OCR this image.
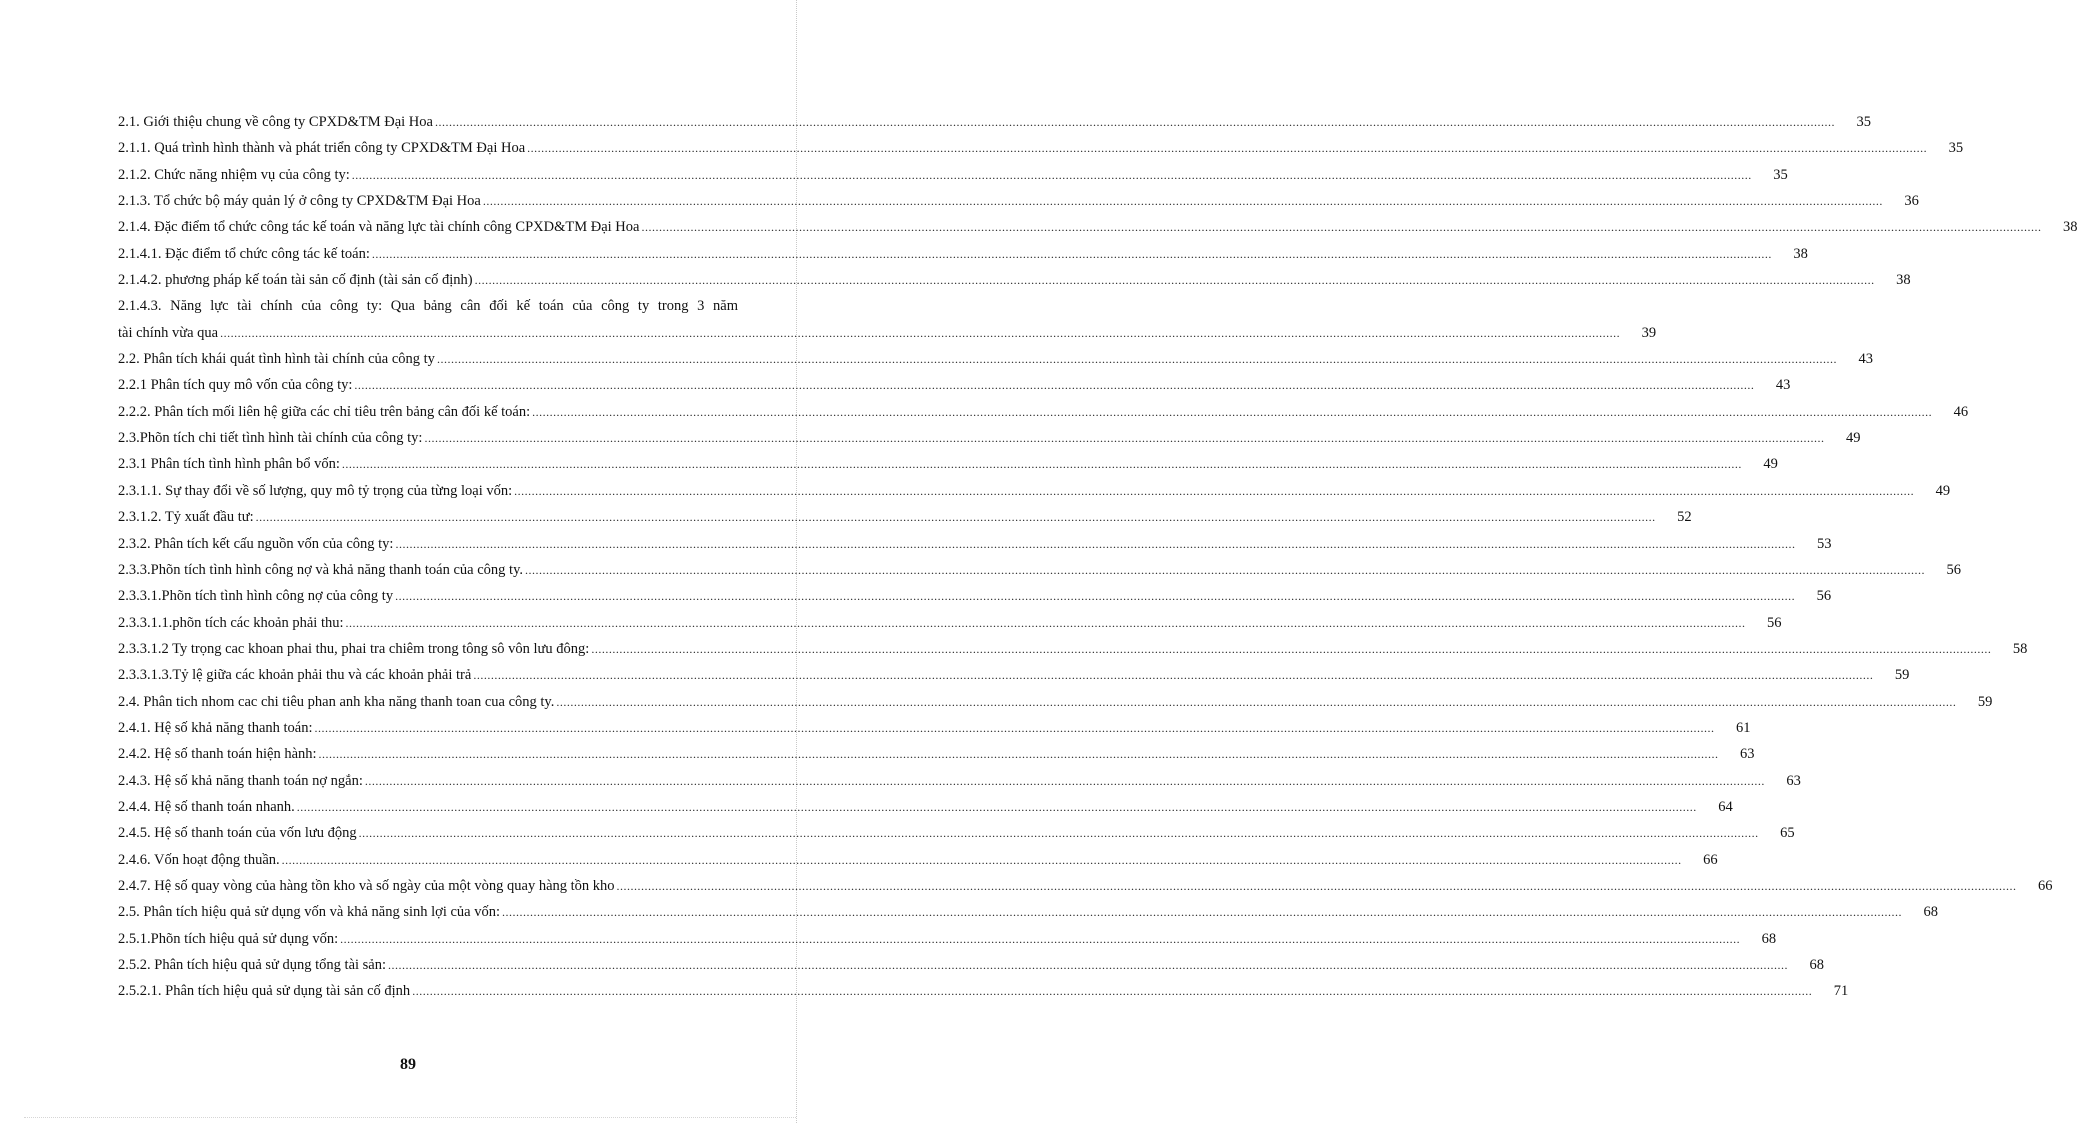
2.1. Giới thiệu chung về công ty CPXD&TM Đại Hoa ................................................................................................................................................................................................................................................................................................................................................................................................................	35
2.1.1. Quá trình hình thành và phát triển công ty CPXD&TM Đại Hoa ................................................................................................................................................................................................................................................................................................................................................................................................................	35
2.1.2. Chức năng nhiệm vụ của công ty: ................................................................................................................................................................................................................................................................................................................................................................................................................	35
2.1.3. Tổ chức bộ máy quản lý ở công ty CPXD&TM Đại Hoa ................................................................................................................................................................................................................................................................................................................................................................................................................	36
2.1.4. Đặc điểm tổ chức công tác kế toán và năng lực tài chính công CPXD&TM Đại Hoa ................................................................................................................................................................................................................................................................................................................................................................................................................	38
2.1.4.1. Đặc điểm tổ chức công tác kế toán: ................................................................................................................................................................................................................................................................................................................................................................................................................	38
2.1.4.2. phương pháp kế toán tài sản cố định (tài sản cố định) ................................................................................................................................................................................................................................................................................................................................................................................................................	38
2.1.4.3. Năng lực tài chính của công ty: Qua bảng cân đối kế toán của công ty trong 3 năm
tài chính vừa qua ................................................................................................................................................................................................................................................................................................................................................................................................................	39
2.2. Phân tích khái quát tình hình tài chính của công ty ................................................................................................................................................................................................................................................................................................................................................................................................................	43
2.2.1 Phân tích quy mô vốn của công ty: ................................................................................................................................................................................................................................................................................................................................................................................................................	43
2.2.2. Phân tích mối liên hệ giữa các chỉ tiêu trên bảng cân đối kế toán: ................................................................................................................................................................................................................................................................................................................................................................................................................	46
2.3.Phõn tích chi tiết tình hình tài chính của công ty: ................................................................................................................................................................................................................................................................................................................................................................................................................	49
2.3.1 Phân tích tình hình phân bổ vốn: ................................................................................................................................................................................................................................................................................................................................................................................................................	49
2.3.1.1. Sự thay đổi về số lượng, quy mô tỷ trọng của từng loại vốn: ................................................................................................................................................................................................................................................................................................................................................................................................................	49
2.3.1.2. Tỷ xuất đầu tư: ................................................................................................................................................................................................................................................................................................................................................................................................................	52
2.3.2. Phân tích kết cấu nguồn vốn của công ty: ................................................................................................................................................................................................................................................................................................................................................................................................................	53
2.3.3.Phõn tích tình hình công nợ và khả năng thanh toán của công ty. ................................................................................................................................................................................................................................................................................................................................................................................................................	56
2.3.3.1.Phõn tích tình hình công nợ của công ty ................................................................................................................................................................................................................................................................................................................................................................................................................	56
2.3.3.1.1.phõn tích các khoản phải thu: ................................................................................................................................................................................................................................................................................................................................................................................................................	56
2.3.3.1.2 Ty trọng cac khoan phai thu, phai tra chiêm trong tông sô vôn lưu đông: ................................................................................................................................................................................................................................................................................................................................................................................................................	58
2.3.3.1.3.Tỷ lệ giữa các khoản phải thu và các khoản phải trả ................................................................................................................................................................................................................................................................................................................................................................................................................	59
2.4. Phân tich nhom cac chi tiêu phan anh kha năng thanh toan cua công ty. ................................................................................................................................................................................................................................................................................................................................................................................................................	59
2.4.1. Hệ số khả năng thanh toán: ................................................................................................................................................................................................................................................................................................................................................................................................................	61
2.4.2. Hệ số thanh toán hiện hành: ................................................................................................................................................................................................................................................................................................................................................................................................................	63
2.4.3. Hệ số khả năng thanh toán nợ ngắn: ................................................................................................................................................................................................................................................................................................................................................................................................................	63
2.4.4. Hệ số thanh toán nhanh. ................................................................................................................................................................................................................................................................................................................................................................................................................	64
2.4.5. Hệ số thanh toán của vốn lưu động ................................................................................................................................................................................................................................................................................................................................................................................................................	65
2.4.6. Vốn hoạt động thuần. ................................................................................................................................................................................................................................................................................................................................................................................................................	66
2.4.7. Hệ số quay vòng của hàng tồn kho và số ngày của một vòng quay hàng tồn kho ................................................................................................................................................................................................................................................................................................................................................................................................................	66
2.5. Phân tích hiệu quả sử dụng vốn và khả năng sinh lợi của vốn: ................................................................................................................................................................................................................................................................................................................................................................................................................	68
2.5.1.Phõn tích hiệu quả sử dụng vốn: ................................................................................................................................................................................................................................................................................................................................................................................................................	68
2.5.2. Phân tích hiệu quả sử dụng tổng tài sản: ................................................................................................................................................................................................................................................................................................................................................................................................................	68
2.5.2.1. Phân tích hiệu quả sử dụng tài sản cố định ................................................................................................................................................................................................................................................................................................................................................................................................................	71
89
